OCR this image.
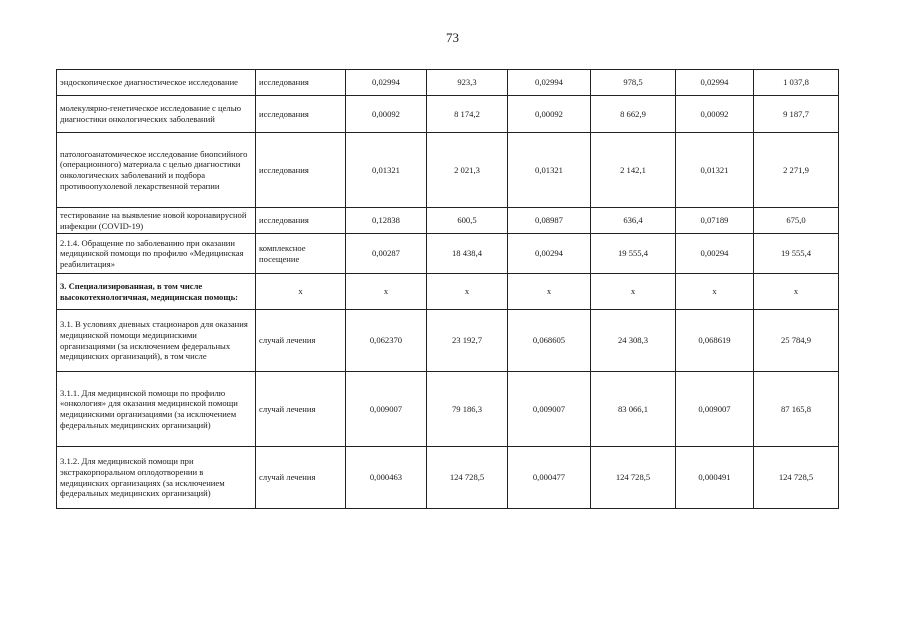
73
эндоскопическое диагностическое исследование	исследования	0,02994	923,3	0,02994	978,5	0,02994	1 037,8
молекулярно-генетическое исследование с целью диагностики онкологических заболеваний	исследования	0,00092	8 174,2	0,00092	8 662,9	0,00092	9 187,7
патологоанатомическое исследование биопсийного (операционного) материала с целью диагностики онкологических заболеваний и подбора противоопухолевой лекарственной терапии	исследования	0,01321	2 021,3	0,01321	2 142,1	0,01321	2 271,9
тестирование на выявление новой коронавирусной инфекции (COVID-19)	исследования	0,12838	600,5	0,08987	636,4	0,07189	675,0
2.1.4. Обращение по заболеванию при оказании медицинской помощи по профилю «Медицинская реабилитация»	комплексное посещение	0,00287	18 438,4	0,00294	19 555,4	0,00294	19 555,4
3. Специализированная, в том числе высокотехнологичная, медицинская помощь:	х	х	х	х	х	х	х
3.1. В условиях дневных стационаров для оказания медицинской помощи медицинскими организациями (за исключением федеральных медицинских организаций), в том числе	случай лечения	0,062370	23 192,7	0,068605	24 308,3	0,068619	25 784,9
3.1.1. Для медицинской помощи по профилю «онкология» для оказания медицинской помощи медицинскими организациями (за исключением федеральных медицинских организаций)	случай лечения	0,009007	79 186,3	0,009007	83 066,1	0,009007	87 165,8
3.1.2. Для медицинской помощи при экстракорпоральном оплодотворении в медицинских организациях (за исключением федеральных медицинских организаций)	случай лечения	0,000463	124 728,5	0,000477	124 728,5	0,000491	124 728,5
